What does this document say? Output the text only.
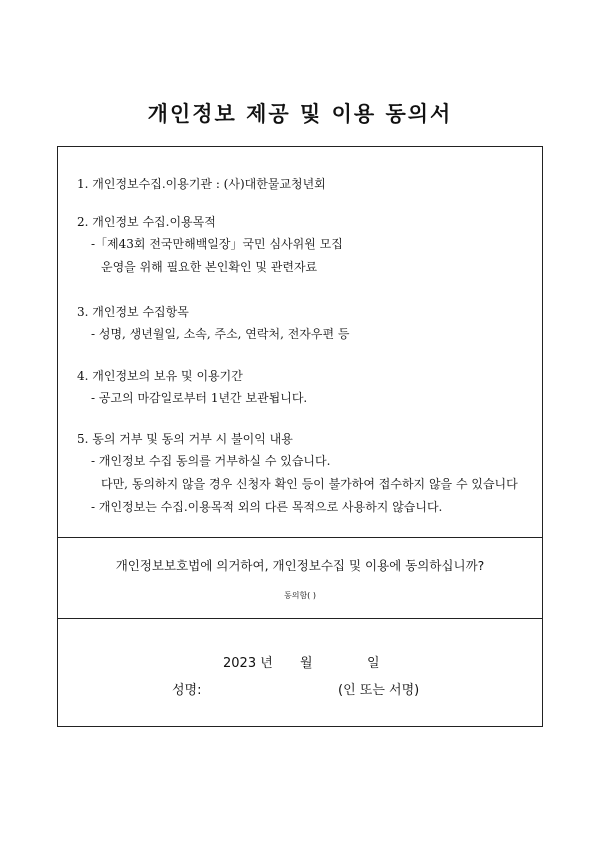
개인정보 제공 및 이용 동의서
1. 개인정보수집.이용기관 : (사)대한물교청년회
2. 개인정보 수집.이용목적
-「제43회 전국만해백일장」국민 심사위원 모집
운영을 위해 필요한 본인확인 및 관련자료
3. 개인정보 수집항목
- 성명, 생년월일, 소속, 주소, 연락처, 전자우편 등
4. 개인정보의 보유 및 이용기간
- 공고의 마감일로부터 1년간 보관됩니다.
5. 동의 거부 및 동의 거부 시 불이익 내용
- 개인정보 수집 동의를 거부하실 수 있습니다.
다만, 동의하지 않을 경우 신청자 확인 등이 불가하여 접수하지 않을 수 있습니다
- 개인정보는 수집.이용목적 외의 다른 목적으로 사용하지 않습니다.
개인정보보호법에 의거하여, 개인정보수집 및 이용에 동의하십니까?
동의함( )
2023 년 월	일
성명:	(인 또는 서명)
